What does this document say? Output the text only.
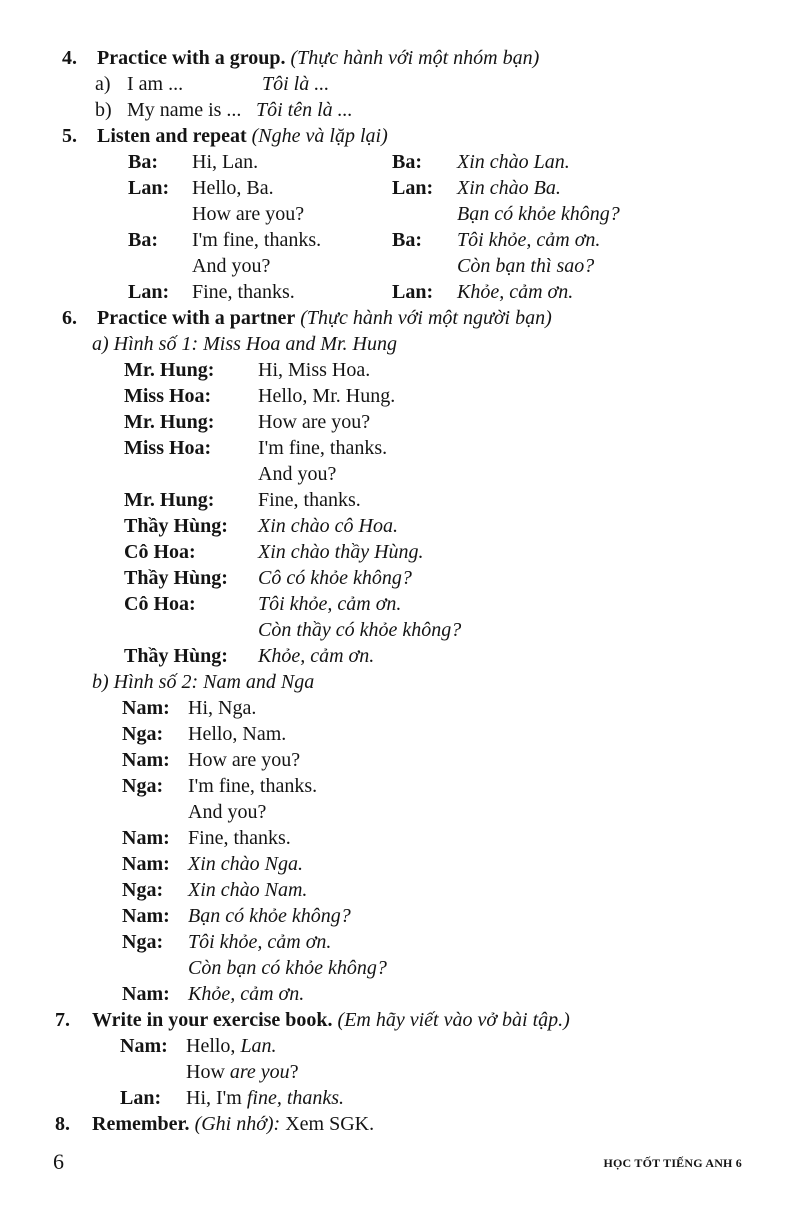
4. Practice with a group. (Thực hành với một nhóm bạn)
a) I am ...	Tôi là ...
b) My name is ... Tôi tên là ...
5. Listen and repeat (Nghe và lặp lại)
Ba: Hi, Lan.	Ba: Xin chào Lan.
Lan: Hello, Ba.	Lan: Xin chào Ba.
How are you?	Bạn có khỏe không?
Ba: I'm fine, thanks.	Ba: Tôi khỏe, cảm ơn.
And you?	Còn bạn thì sao?
Lan: Fine, thanks.	Lan: Khỏe, cảm ơn.
6. Practice with a partner (Thực hành với một người bạn)
a) Hình số 1: Miss Hoa and Mr. Hung
Mr. Hung: Hi, Miss Hoa.
Miss Hoa: Hello, Mr. Hung.
Mr. Hung: How are you?
Miss Hoa: I'm fine, thanks.
And you?
Mr. Hung: Fine, thanks.
Thầy Hùng: Xin chào cô Hoa.
Cô Hoa:	Xin chào thầy Hùng.
Thầy Hùng: Cô có khỏe không?
Cô Hoa:	Tôi khỏe, cảm ơn.
Còn thầy có khỏe không?
Thầy Hùng: Khỏe, cảm ơn.
b) Hình số 2: Nam and Nga
Nam: Hi, Nga.
Nga: Hello, Nam.
Nam: How are you?
Nga: I'm fine, thanks.
And you?
Nam: Fine, thanks.
Nam: Xin chào Nga.
Nga: Xin chào Nam.
Nam: Bạn có khỏe không?
Nga: Tôi khỏe, cảm ơn.
Còn bạn có khỏe không?
Nam: Khỏe, cảm ơn.
7. Write in your exercise book. (Em hãy viết vào vở bài tập.)
Nam: Hello, Lan.
How are you?
Lan: Hi, I'm fine, thanks.
8. Remember. (Ghi nhớ): Xem SGK.
6	HỌC TỐT TIẾNG ANH 6
